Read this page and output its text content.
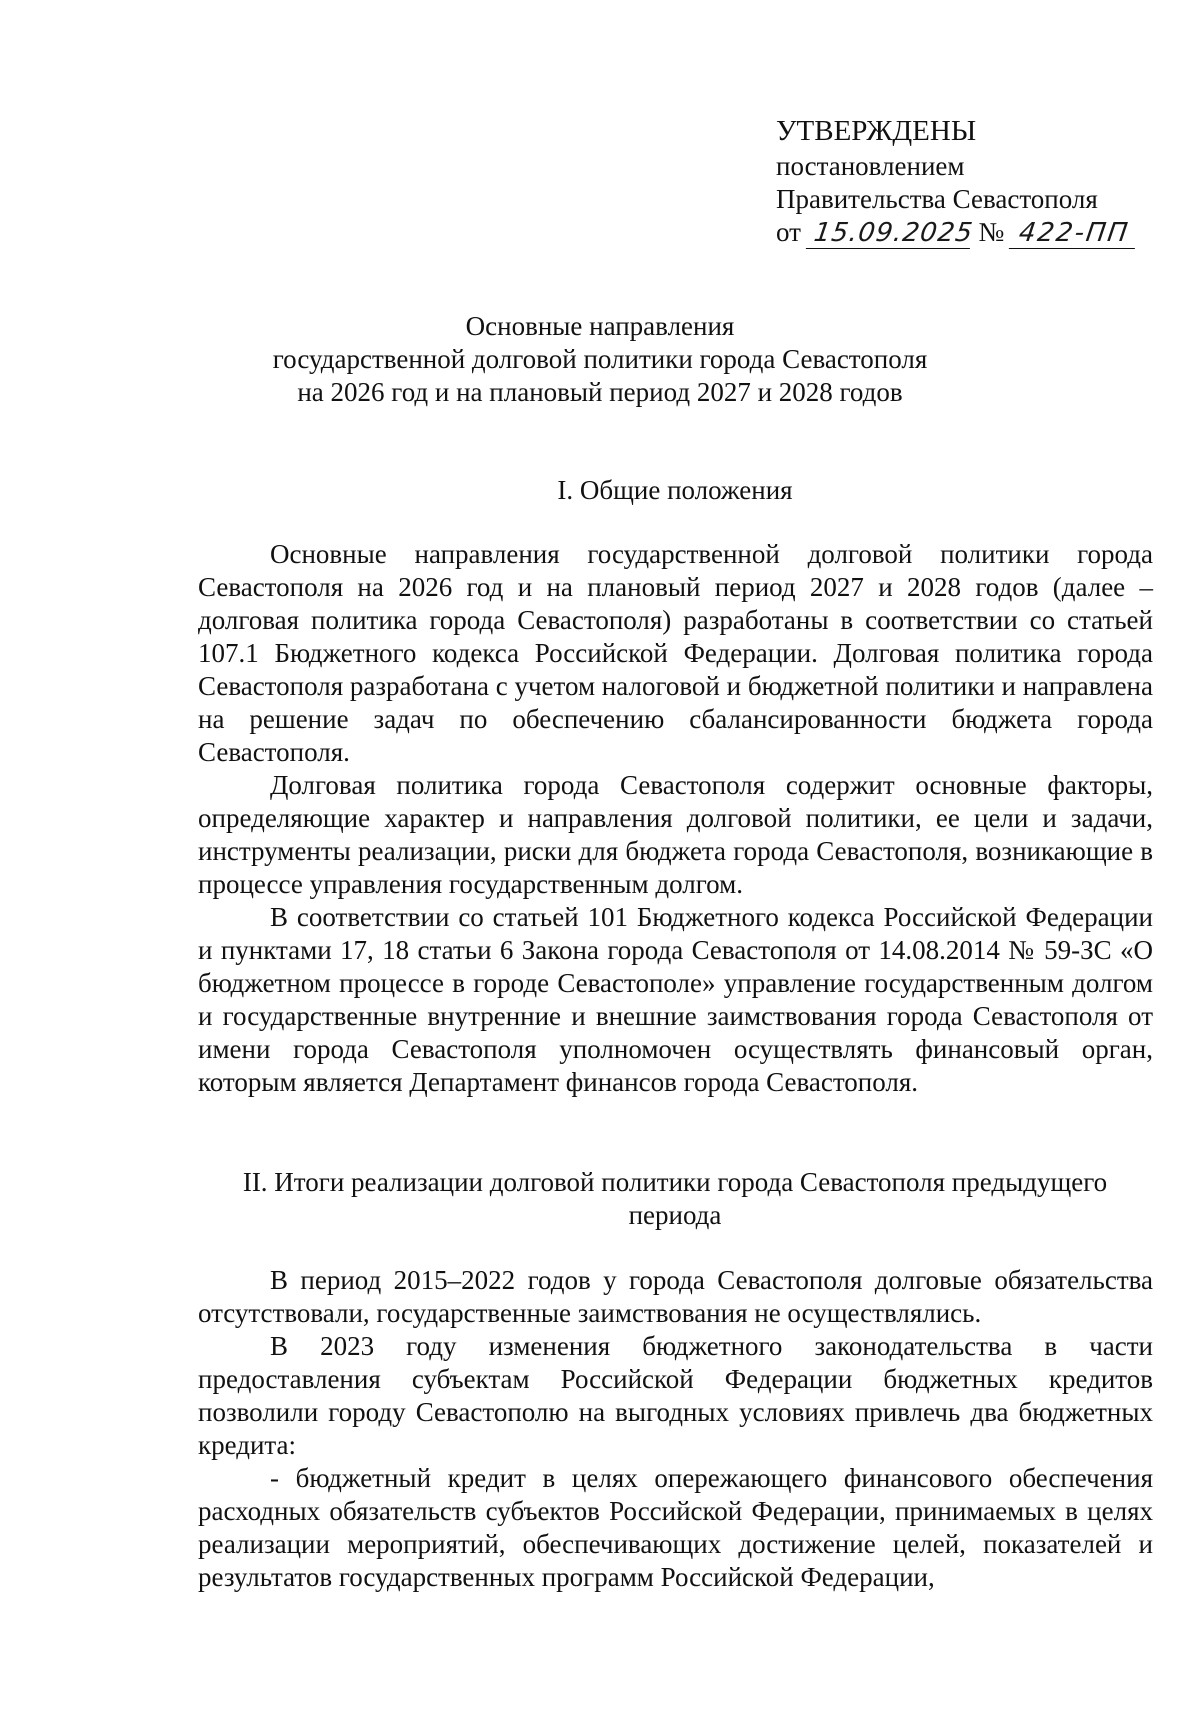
УТВЕРЖДЕНЫ
постановлением
Правительства Севастополя
от 15.09.2025 № 422-ПП
Основные направления
государственной долговой политики города Севастополя
на 2026 год и на плановый период 2027 и 2028 годов
I. Общие положения

Основные направления государственной долговой политики города Севастополя на 2026 год и на плановый период 2027 и 2028 годов (далее – долговая политика города Севастополя) разработаны в соответствии со статьей 107.1 Бюджетного кодекса Российской Федерации. Долговая политика города Севастополя разработана с учетом налоговой и бюджетной политики и направлена на решение задач по обеспечению сбалансированности бюджета города Севастополя.

Долговая политика города Севастополя содержит основные факторы, определяющие характер и направления долговой политики, ее цели и задачи, инструменты реализации, риски для бюджета города Севастополя, возникающие в процессе управления государственным долгом.

В соответствии со статьей 101 Бюджетного кодекса Российской Федерации и пунктами 17, 18 статьи 6 Закона города Севастополя от 14.08.2014 № 59-ЗС «О бюджетном процессе в городе Севастополе» управление государственным долгом и государственные внутренние и внешние заимствования города Севастополя от имени города Севастополя уполномочен осуществлять финансовый орган, которым является Департамент финансов города Севастополя.

II. Итоги реализации долговой политики города Севастополя предыдущего
периода

В период 2015–2022 годов у города Севастополя долговые обязательства отсутствовали, государственные заимствования не осуществлялись.

В 2023 году изменения бюджетного законодательства в части предоставления субъектам Российской Федерации бюджетных кредитов позволили городу Севастополю на выгодных условиях привлечь два бюджетных кредита:

- бюджетный кредит в целях опережающего финансового обеспечения расходных обязательств субъектов Российской Федерации, принимаемых в целях реализации мероприятий, обеспечивающих достижение целей, показателей и результатов государственных программ Российской Федерации,
